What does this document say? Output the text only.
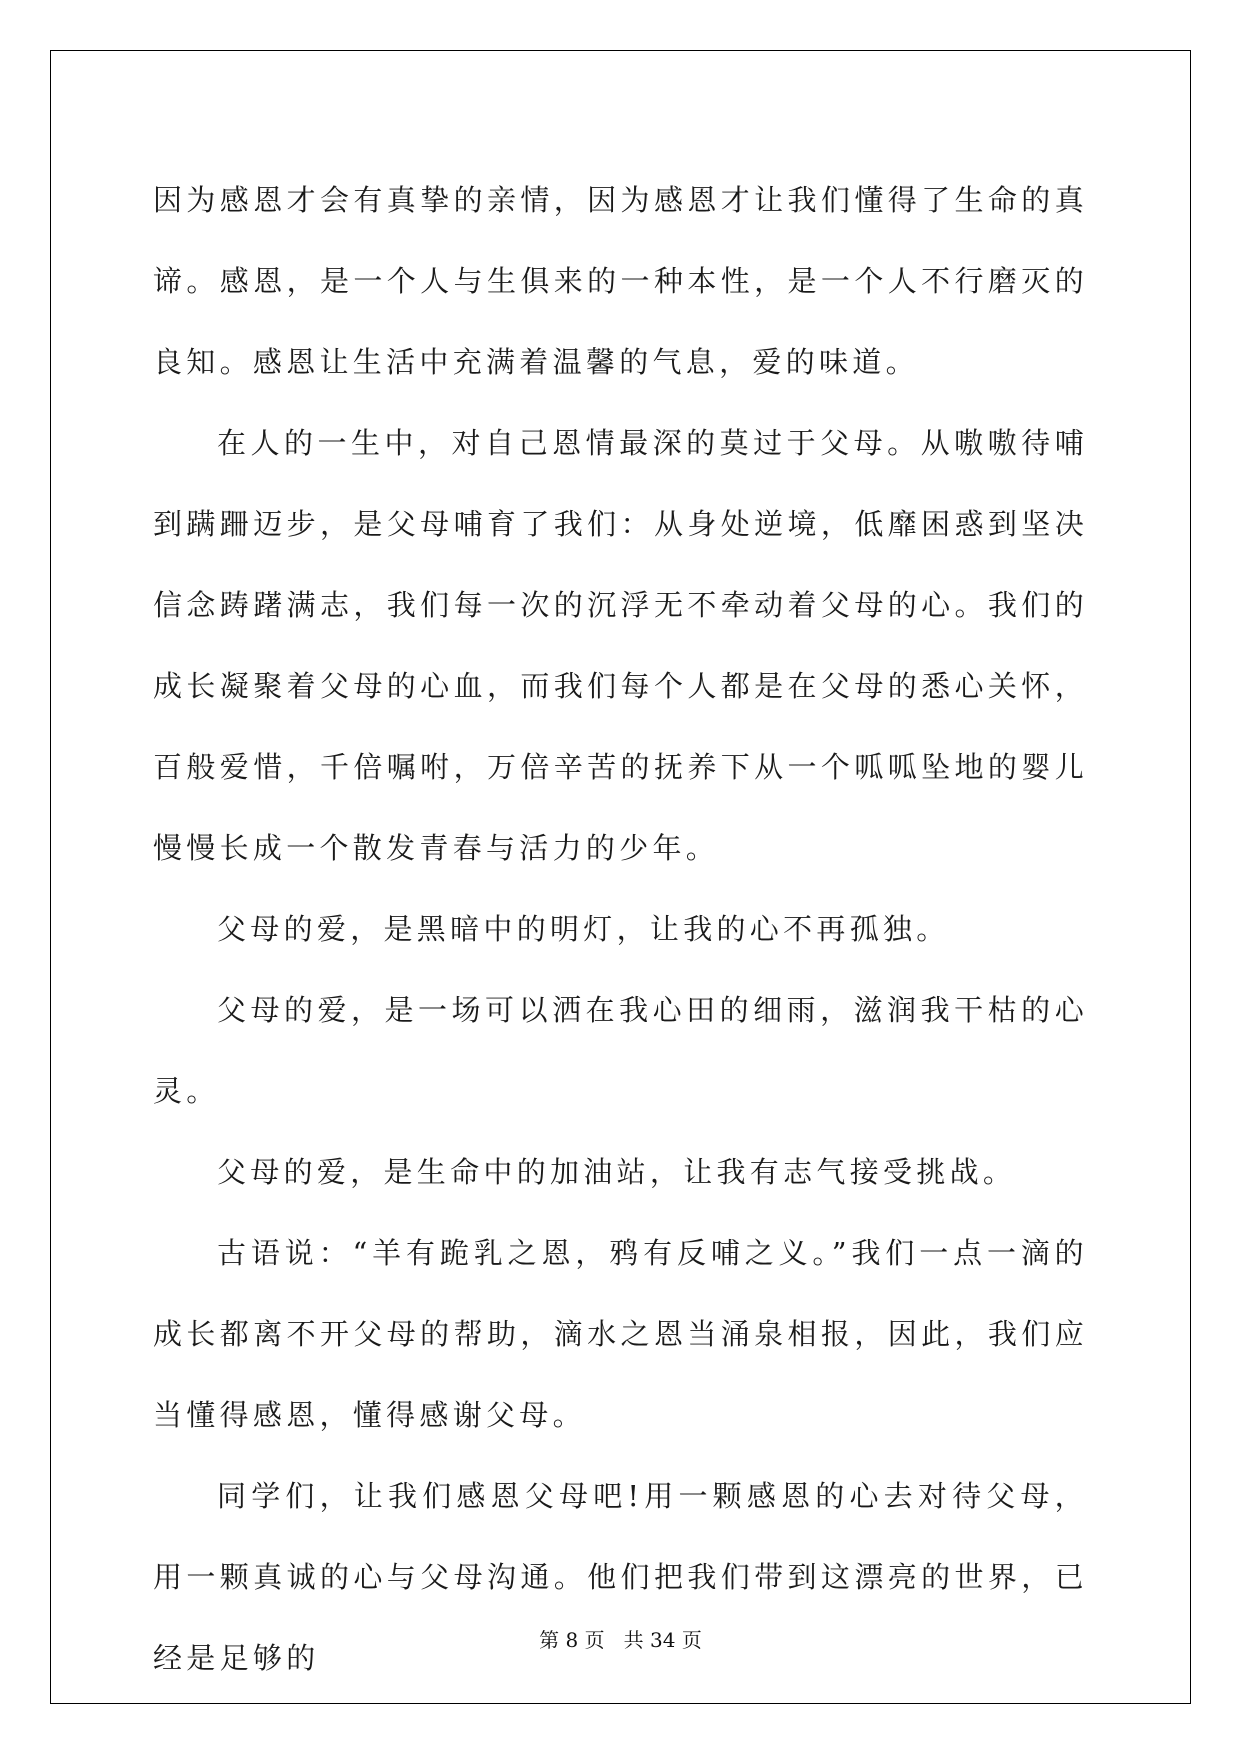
因为感恩才会有真挚的亲情，因为感恩才让我们懂得了生命的真谛。感恩，是一个人与生俱来的一种本性，是一个人不行磨灭的良知。感恩让生活中充满着温馨的气息，爱的味道。

在人的一生中，对自己恩情最深的莫过于父母。从嗷嗷待哺到蹒跚迈步，是父母哺育了我们：从身处逆境，低靡困惑到坚决信念踌躇满志，我们每一次的沉浮无不牵动着父母的心。我们的成长凝聚着父母的心血，而我们每个人都是在父母的悉心关怀，百般爱惜，千倍嘱咐，万倍辛苦的抚养下从一个呱呱坠地的婴儿慢慢长成一个散发青春与活力的少年。

父母的爱，是黑暗中的明灯，让我的心不再孤独。

父母的爱，是一场可以洒在我心田的细雨，滋润我干枯的心灵。

父母的爱，是生命中的加油站，让我有志气接受挑战。

古语说：“羊有跪乳之恩，鸦有反哺之义。”我们一点一滴的成长都离不开父母的帮助，滴水之恩当涌泉相报，因此，我们应当懂得感恩，懂得感谢父母。

同学们，让我们感恩父母吧!用一颗感恩的心去对待父母，用一颗真诚的心与父母沟通。他们把我们带到这漂亮的世界，已经是足够的

第 8 页 共 34 页
